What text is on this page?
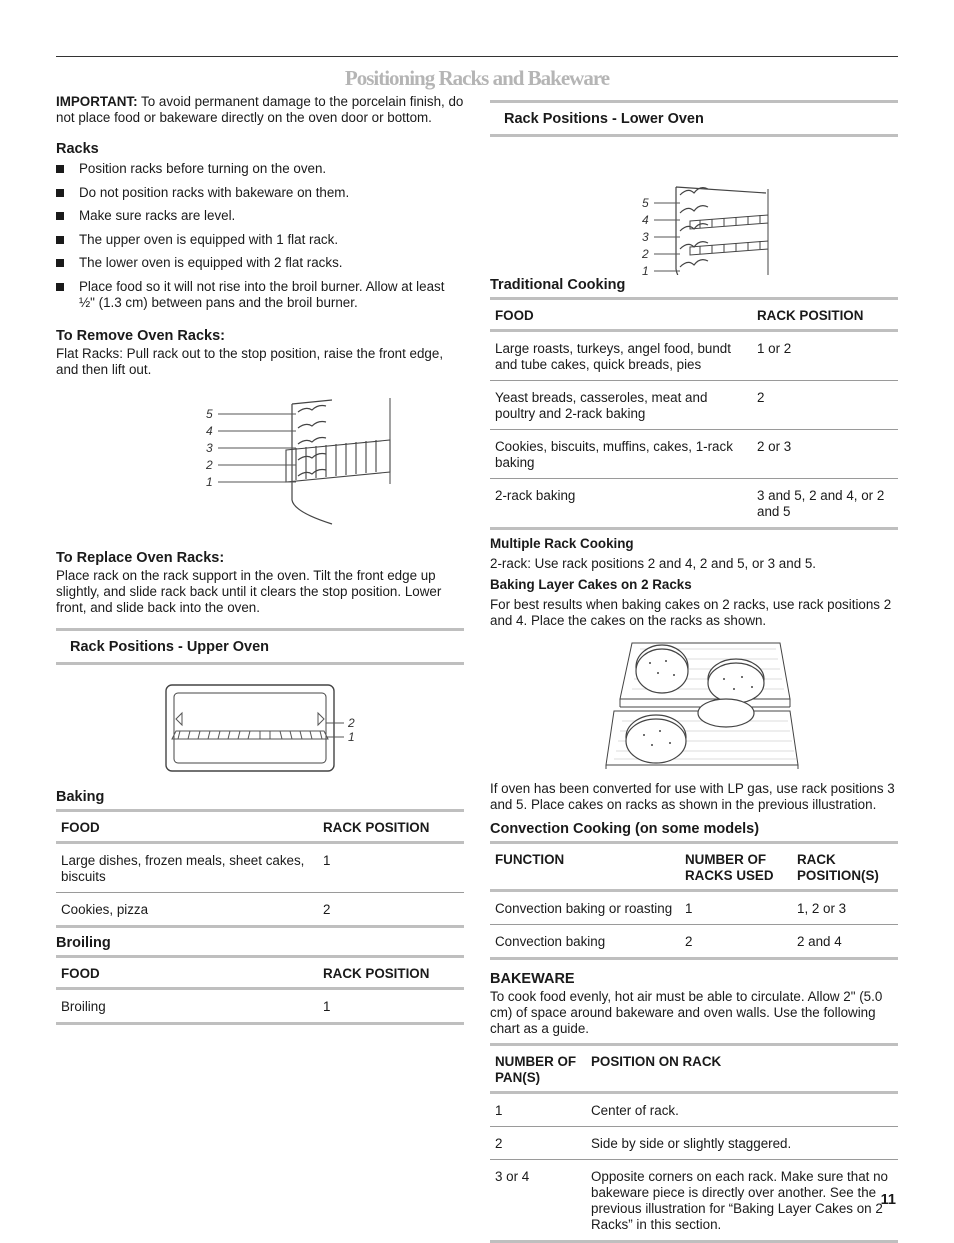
Positioning Racks and Bakeware

IMPORTANT: To avoid permanent damage to the porcelain finish, do not place food or bakeware directly on the oven door or bottom.

Racks

Position racks before turning on the oven.
Do not position racks with bakeware on them.
Make sure racks are level.
The upper oven is equipped with 1 flat rack.
The lower oven is equipped with 2 flat racks.
Place food so it will not rise into the broil burner. Allow at least ½" (1.3 cm) between pans and the broil burner.

To Remove Oven Racks:

Flat Racks: Pull rack out to the stop position, raise the front edge, and then lift out.

5
4
3
2
1

To Replace Oven Racks:

Place rack on the rack support in the oven. Tilt the front edge up slightly, and slide rack back until it clears the stop position. Lower front, and slide back into the oven.

Rack Positions - Upper Oven
2
1

Baking

FOOD	RACK POSITION
Large dishes, frozen meals, sheet cakes, biscuits	1
Cookies, pizza	2

Broiling

FOOD	RACK POSITION
Broiling	1
Rack Positions - Lower Oven
5
4
3
2
1

Traditional Cooking

FOOD	RACK POSITION
Large roasts, turkeys, angel food, bundt and tube cakes, quick breads, pies	1 or 2
Yeast breads, casseroles, meat and poultry and 2-rack baking	2
Cookies, biscuits, muffins, cakes, 1-rack baking	2 or 3
2-rack baking	3 and 5, 2 and 4, or 2 and 5

Multiple Rack Cooking

2-rack: Use rack positions 2 and 4, 2 and 5, or 3 and 5.

Baking Layer Cakes on 2 Racks

For best results when baking cakes on 2 racks, use rack positions 2 and 4. Place the cakes on the racks as shown.

If oven has been converted for use with LP gas, use rack positions 3 and 5. Place cakes on racks as shown in the previous illustration.

Convection Cooking (on some models)

FUNCTION	NUMBER OF RACKS USED	RACK POSITION(S)
Convection baking or roasting	1	1, 2 or 3
Convection baking	2	2 and 4

BAKEWARE

To cook food evenly, hot air must be able to circulate. Allow 2" (5.0 cm) of space around bakeware and oven walls. Use the following chart as a guide.

NUMBER OF PAN(S)	POSITION ON RACK
1	Center of rack.
2	Side by side or slightly staggered.
3 or 4	Opposite corners on each rack. Make sure that no bakeware piece is directly over another. See the previous illustration for “Baking Layer Cakes on 2 Racks” in this section.
11
